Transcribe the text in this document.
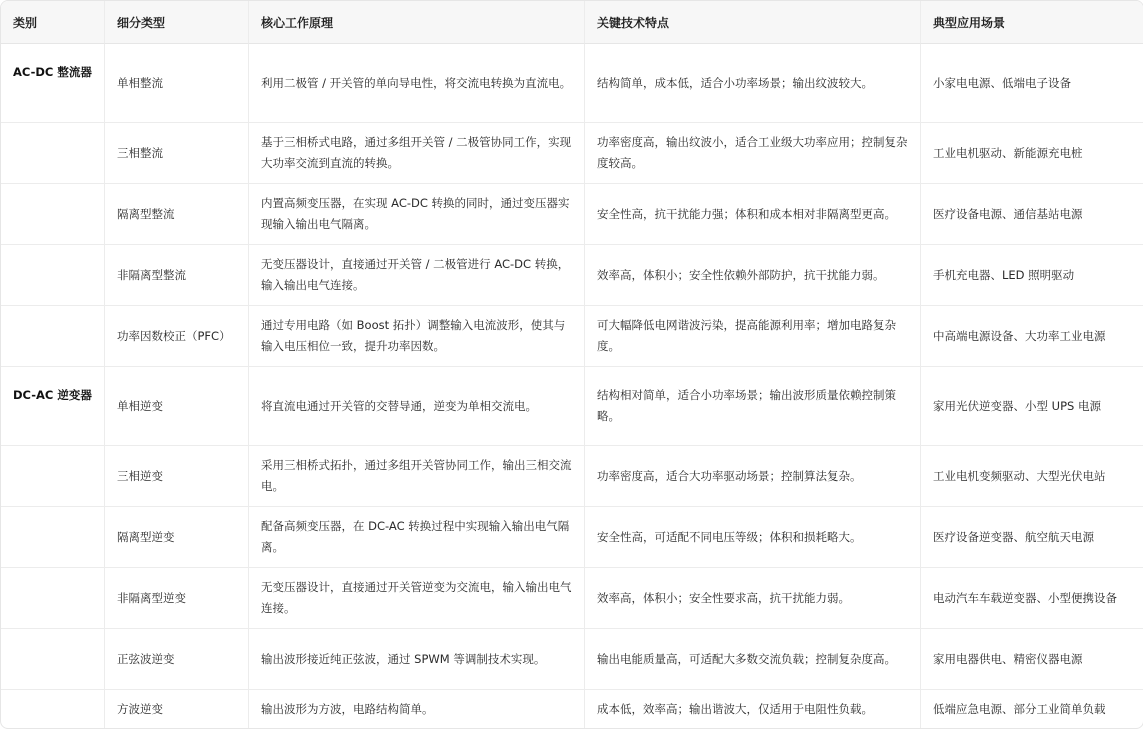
类别	细分类型	核心工作原理	关键技术特点	典型应用场景
AC-DC 整流器	单相整流	利用二极管 / 开关管的单向导电性，将交流电转换为直流电。	结构简单，成本低，适合小功率场景；输出纹波较大。	小家电电源、低端电子设备
	三相整流	基于三相桥式电路，通过多组开关管 / 二极管协同工作，实现大功率交流到直流的转换。	功率密度高，输出纹波小，适合工业级大功率应用；控制复杂度较高。	工业电机驱动、新能源充电桩
	隔离型整流	内置高频变压器，在实现 AC-DC 转换的同时，通过变压器实现输入输出电气隔离。	安全性高，抗干扰能力强；体积和成本相对非隔离型更高。	医疗设备电源、通信基站电源
	非隔离型整流	无变压器设计，直接通过开关管 / 二极管进行 AC-DC 转换，输入输出电气连接。	效率高，体积小；安全性依赖外部防护，抗干扰能力弱。	手机充电器、LED 照明驱动
	功率因数校正（PFC）	通过专用电路（如 Boost 拓扑）调整输入电流波形，使其与输入电压相位一致，提升功率因数。	可大幅降低电网谐波污染，提高能源利用率；增加电路复杂度。	中高端电源设备、大功率工业电源
DC-AC 逆变器	单相逆变	将直流电通过开关管的交替导通，逆变为单相交流电。	结构相对简单，适合小功率场景；输出波形质量依赖控制策略。	家用光伏逆变器、小型 UPS 电源
	三相逆变	采用三相桥式拓扑，通过多组开关管协同工作，输出三相交流电。	功率密度高，适合大功率驱动场景；控制算法复杂。	工业电机变频驱动、大型光伏电站
	隔离型逆变	配备高频变压器，在 DC-AC 转换过程中实现输入输出电气隔离。	安全性高，可适配不同电压等级；体积和损耗略大。	医疗设备逆变器、航空航天电源
	非隔离型逆变	无变压器设计，直接通过开关管逆变为交流电，输入输出电气连接。	效率高，体积小；安全性要求高，抗干扰能力弱。	电动汽车车载逆变器、小型便携设备
	正弦波逆变	输出波形接近纯正弦波，通过 SPWM 等调制技术实现。	输出电能质量高，可适配大多数交流负载；控制复杂度高。	家用电器供电、精密仪器电源
	方波逆变	输出波形为方波，电路结构简单。	成本低，效率高；输出谐波大，仅适用于电阻性负载。	低端应急电源、部分工业简单负载
